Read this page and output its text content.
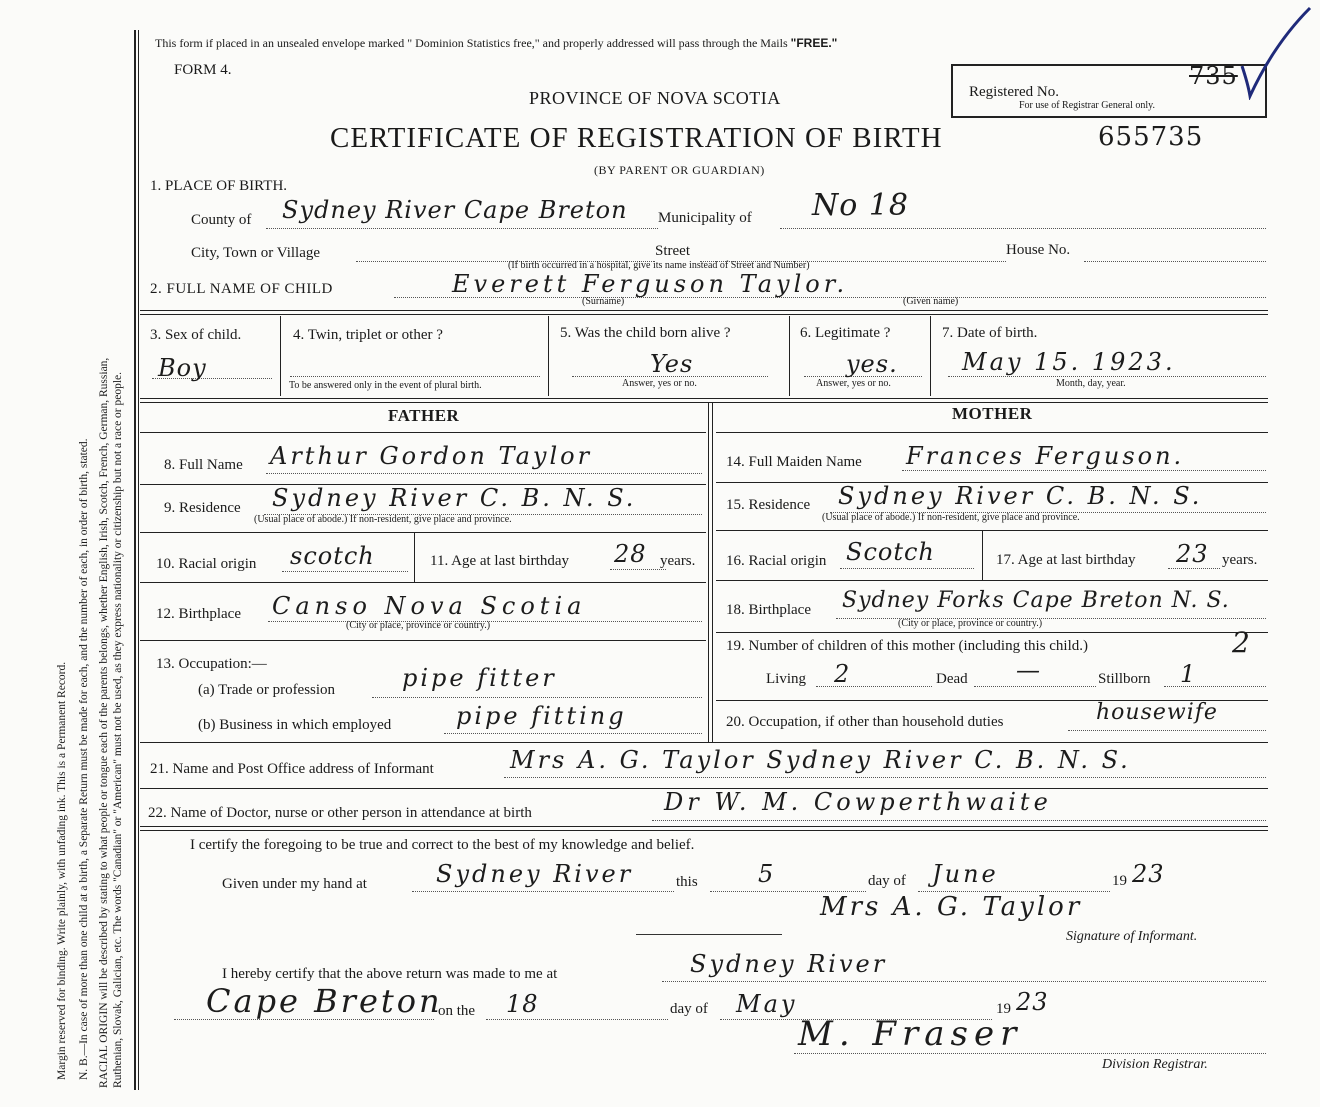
Margin reserved for binding. Write plainly, with unfading ink. This is a Permanent Record. N. B.—In case of more than one child at a birth, a Separate Return must be made for each, and the number of each, in order of birth, stated. RACIAL ORIGIN will be described by stating to what people or tongue each of the parents belongs, whether English, Irish, Scotch, French, German, Russian, Ruthenian, Slovak, Galician, etc. The words "Canadian" or "American" must not be used, as they express nationality or citizenship but not a race or people.
This form if placed in an unsealed envelope marked " Dominion Statistics free," and properly addressed will pass through the Mails "FREE."
FORM 4.
PROVINCE OF NOVA SCOTIA
CERTIFICATE OF REGISTRATION OF BIRTH	655735
(BY PARENT OR GUARDIAN)
Registered No.
735
For use of Registrar General only.
1. PLACE OF BIRTH.
County of Sydney River Cape Breton Municipality of No 18
City, Town or Village	Street	House No.
(If birth occurred in a hospital, give its name instead of Street and Number)
2. FULL NAME OF CHILD	Everett Ferguson Taylor.
(Surname)	(Given name)
3. Sex of child.
Boy
4. Twin, triplet or other ?
To be answered only in the event of plural birth.
5. Was the child born alive ?
Yes
Answer, yes or no.
6. Legitimate ?
yes.
Answer, yes or no.
7. Date of birth.
May 15. 1923.
Month, day, year.
FATHER	MOTHER
8. Full Name Arthur Gordon Taylor
9. Residence Sydney River C. B. N. S.
(Usual place of abode.) If non-resident, give place and province.
10. Racial origin scotch	11. Age at last birthday 28 years.
12. Birthplace Canso Nova Scotia
(City or place, province or country.)
13. Occupation:—
(a) Trade or profession	pipe fitter
(b) Business in which employed	pipe fitting
14. Full Maiden Name Frances Ferguson.
15. Residence Sydney River C. B. N. S.
(Usual place of abode.) If non-resident, give place and province.
16. Racial origin Scotch	17. Age at last birthday 23 years.
18. Birthplace Sydney Forks Cape Breton N. S.
(City or place, province or country.)
19. Number of children of this mother (including this child.)	2
Living 2	Dead —	Stillborn 1
20. Occupation, if other than household duties	housewife
21. Name and Post Office address of Informant	Mrs A. G. Taylor Sydney River C. B. N. S.
22. Name of Doctor, nurse or other person in attendance at birth	Dr W. M. Cowperthwaite
I certify the foregoing to be true and correct to the best of my knowledge and belief.
Given under my hand at	Sydney River	this	5	day of June	19 23
Mrs A. G. Taylor
Signature of Informant.
I hereby certify that the above return was made to me at	Sydney River
Cape Breton
on the 18	day of May	19 23
M. Fraser
Division Registrar.
